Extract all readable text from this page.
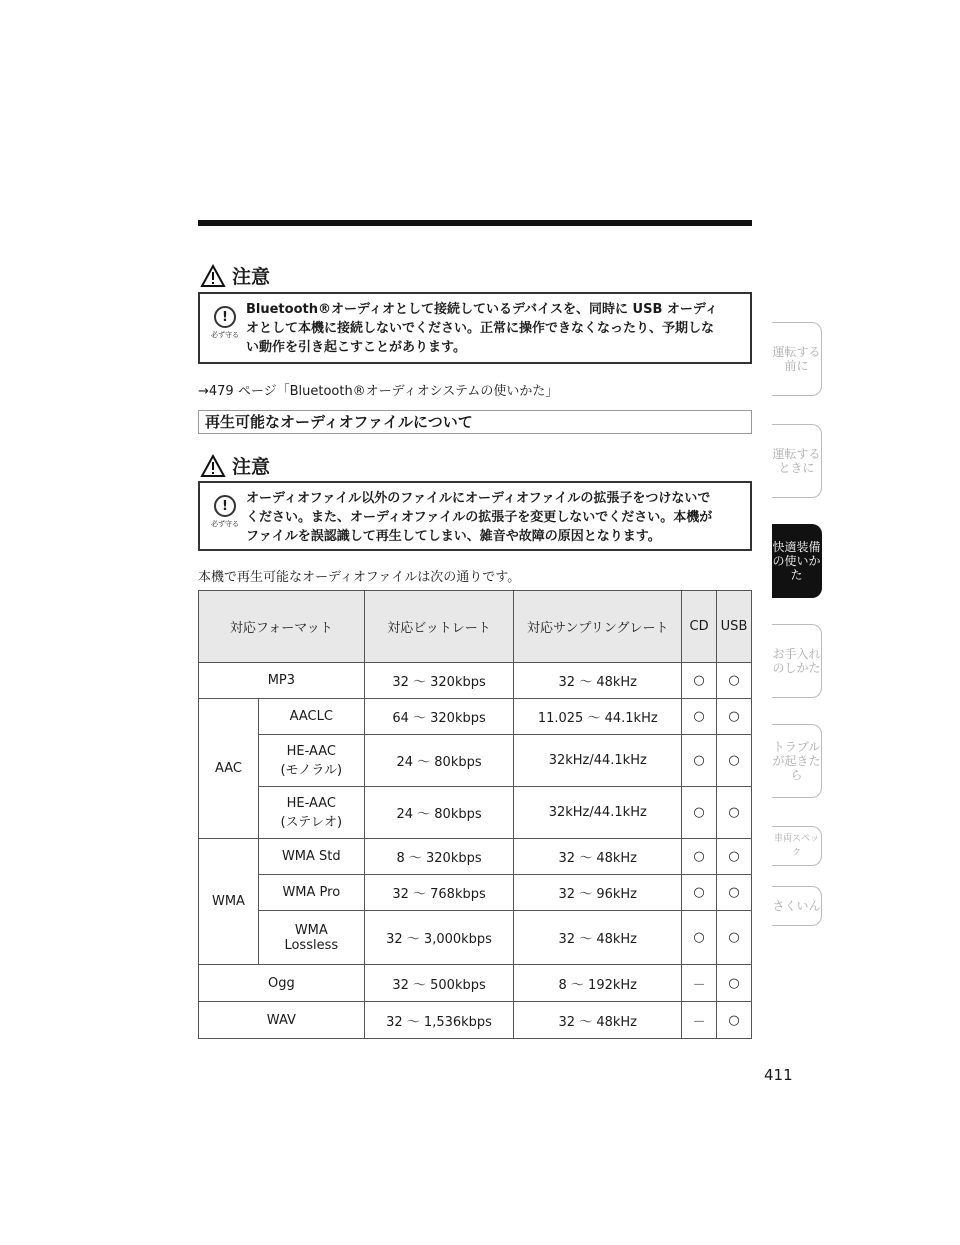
注意
!
必ず守る
Bluetooth®オーディオとして接続しているデバイスを、同時に USB オーディ
オとして本機に接続しないでください。正常に操作できなくなったり、予期しな
い動作を引き起こすことがあります。
→479 ページ「Bluetooth®オーディオシステムの使いかた」
再生可能なオーディオファイルについて
注意
!
必ず守る
オーディオファイル以外のファイルにオーディオファイルの拡張子をつけないで
ください。また、オーディオファイルの拡張子を変更しないでください。本機が
ファイルを誤認識して再生してしまい、雑音や故障の原因となります。
本機で再生可能なオーディオファイルは次の通りです。
対応フォーマット		対応ビットレート	対応サンプリングレート	CD	USB
MP3		32 ～ 320kbps	32 ～ 48kHz	○	○
AAC	AACLC	64 ～ 320kbps	11.025 ～ 44.1kHz	○	○
	HE-AAC
(モノラル)	24 ～ 80kbps	32kHz/44.1kHz	○	○
	HE-AAC
(ステレオ)	24 ～ 80kbps	32kHz/44.1kHz	○	○
WMA	WMA Std	8 ～ 320kbps	32 ～ 48kHz	○	○
	WMA Pro	32 ～ 768kbps	32 ～ 96kHz	○	○
	WMA
Lossless	32 ～ 3,000kbps	32 ～ 48kHz	○	○
Ogg		32 ～ 500kbps	8 ～ 192kHz	－	○
WAV		32 ～ 1,536kbps	32 ～ 48kHz	－	○
運転する前に
運転するときに
快適装備の使いかた
お手入れのしかた
トラブルが起きたら
車両スペック
さくいん
411
